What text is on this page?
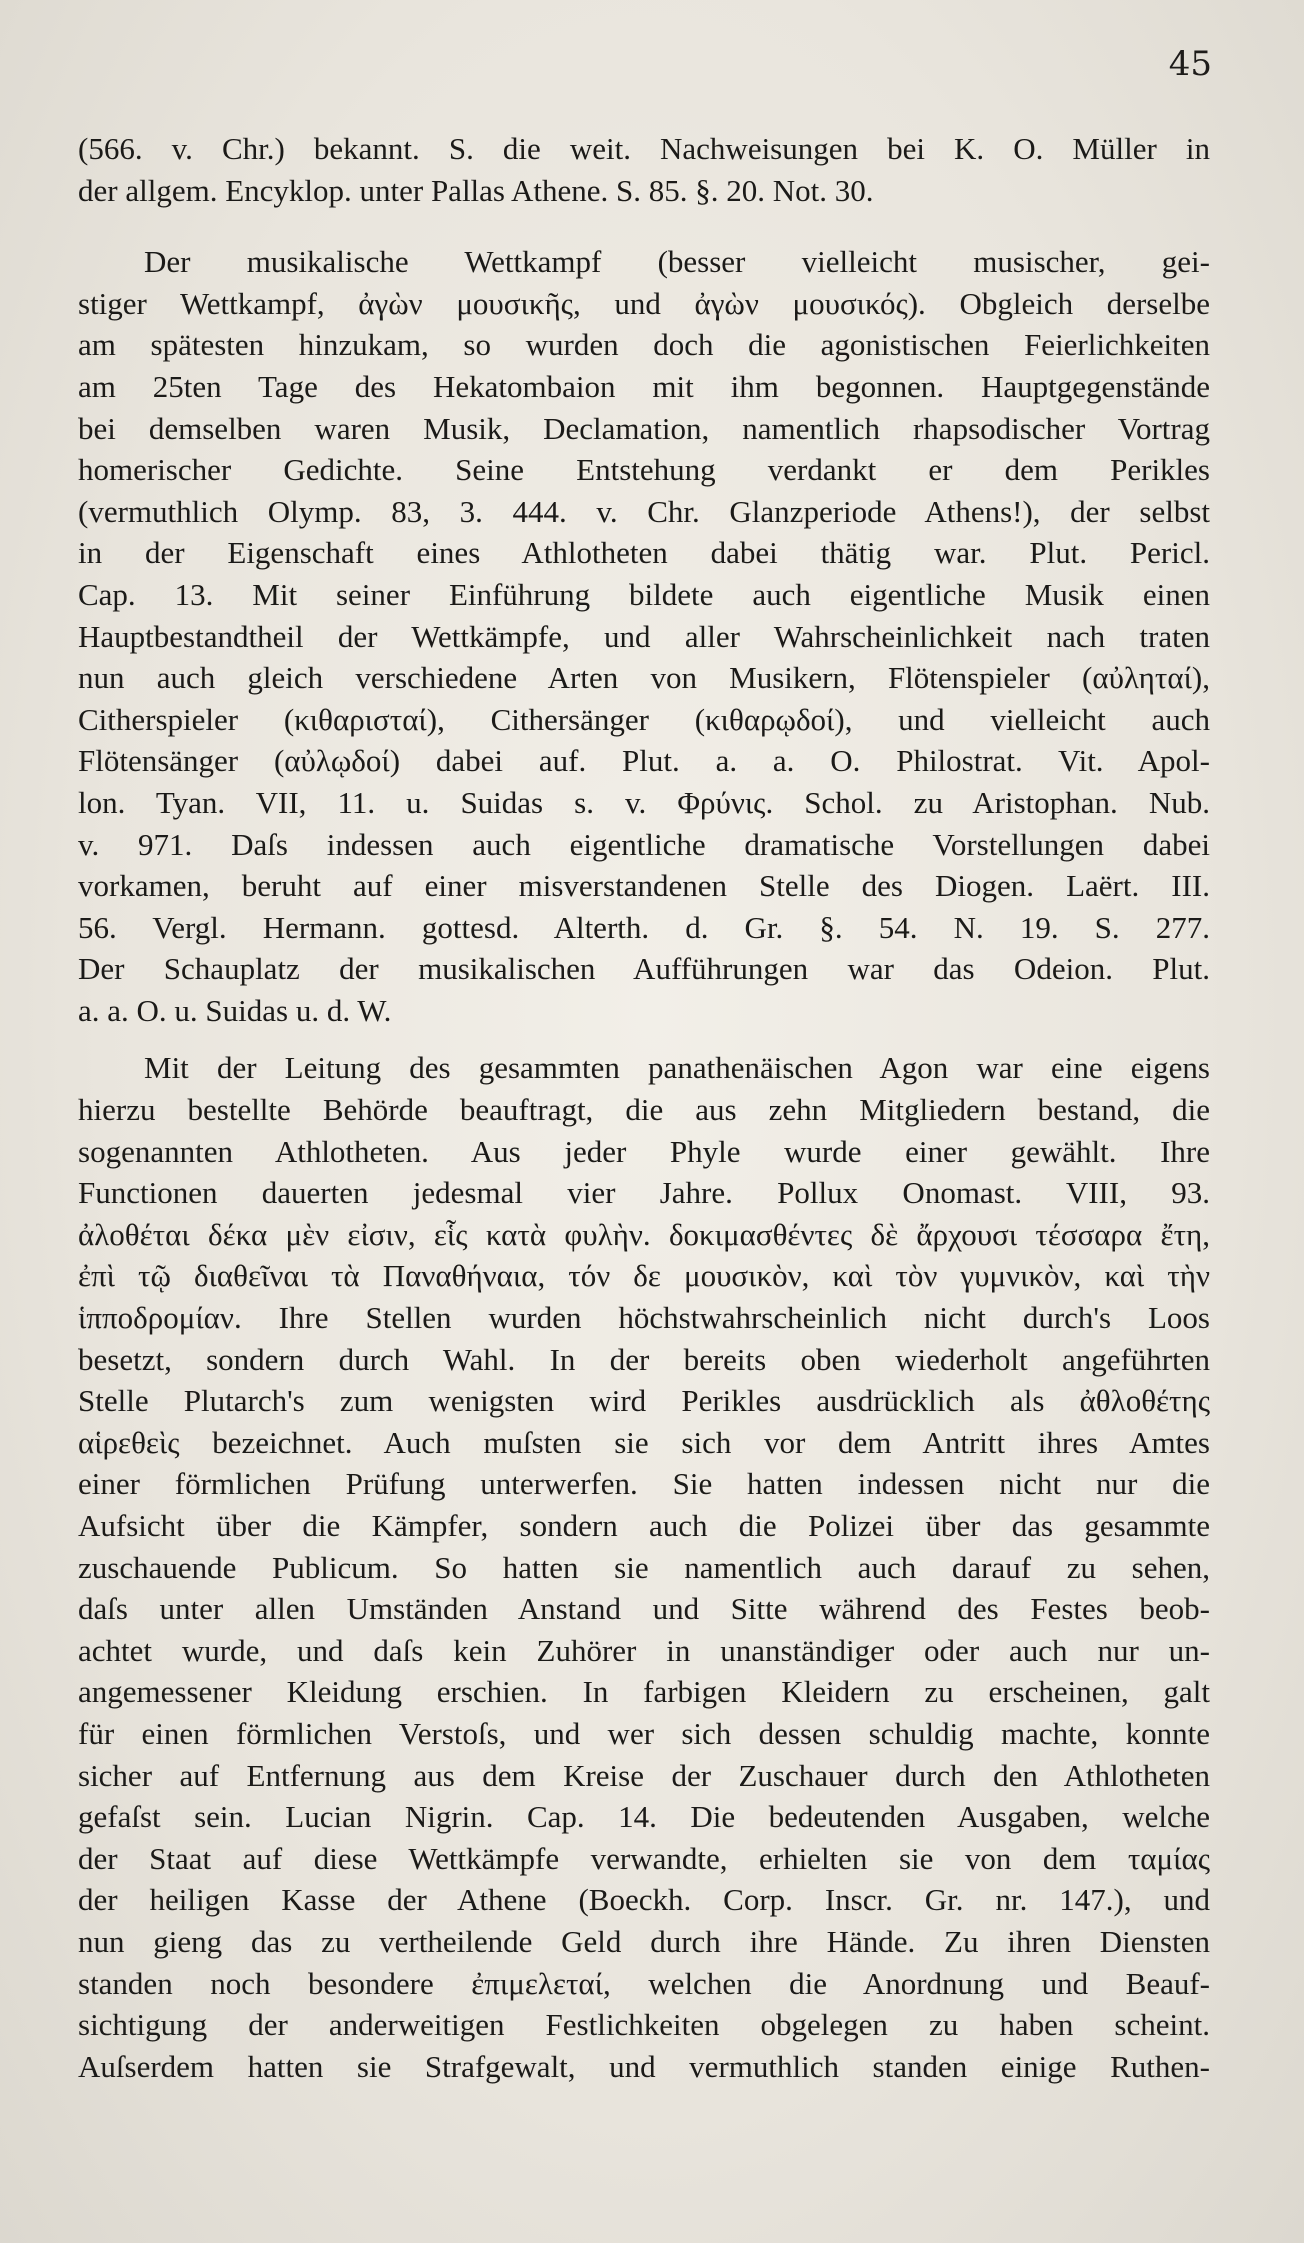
45
(566. v. Chr.) bekannt. S. die weit. Nachweisungen bei K. O. Müller in
der allgem. Encyklop. unter Pallas Athene. S. 85. §. 20. Not. 30.
Der musikalische Wettkampf (besser vielleicht musischer, gei-
stiger Wettkampf, ἀγὼν μουσικῆς, und ἀγὼν μουσικός). Obgleich derselbe
am spätesten hinzukam, so wurden doch die agonistischen Feierlichkeiten
am 25ten Tage des Hekatombaion mit ihm begonnen. Hauptgegenstände
bei demselben waren Musik, Declamation, namentlich rhapsodischer Vortrag
homerischer Gedichte. Seine Entstehung verdankt er dem Perikles
(vermuthlich Olymp. 83, 3. 444. v. Chr. Glanzperiode Athens!), der selbst
in der Eigenschaft eines Athlotheten dabei thätig war. Plut. Pericl.
Cap. 13. Mit seiner Einführung bildete auch eigentliche Musik einen
Hauptbestandtheil der Wettkämpfe, und aller Wahrscheinlichkeit nach traten
nun auch gleich verschiedene Arten von Musikern, Flötenspieler (αὐληταί),
Citherspieler (κιθαρισταί), Cithersänger (κιθαρῳδοί), und vielleicht auch
Flötensänger (αὐλῳδοί) dabei auf. Plut. a. a. O. Philostrat. Vit. Apol-
lon. Tyan. VII, 11. u. Suidas s. v. Φρύνις. Schol. zu Aristophan. Nub.
v. 971. Daſs indessen auch eigentliche dramatische Vorstellungen dabei
vorkamen, beruht auf einer misverstandenen Stelle des Diogen. Laërt. III.
56. Vergl. Hermann. gottesd. Alterth. d. Gr. §. 54. N. 19. S. 277.
Der Schauplatz der musikalischen Aufführungen war das Odeion. Plut.
a. a. O. u. Suidas u. d. W.
Mit der Leitung des gesammten panathenäischen Agon war eine eigens
hierzu bestellte Behörde beauftragt, die aus zehn Mitgliedern bestand, die
sogenannten Athlotheten. Aus jeder Phyle wurde einer gewählt. Ihre
Functionen dauerten jedesmal vier Jahre. Pollux Onomast. VIII, 93.
ἀλοθέται δέκα μὲν εἰσιν, εἷς κατὰ φυλὴν. δοκιμασθέντες δὲ ἄρχουσι τέσσαρα ἔτη,
ἐπὶ τῷ διαθεῖναι τὰ Παναθήναια, τόν δε μουσικὸν, καὶ τὸν γυμνικὸν, καὶ τὴν
ἱπποδρομίαν. Ihre Stellen wurden höchstwahrscheinlich nicht durch's Loos
besetzt, sondern durch Wahl. In der bereits oben wiederholt angeführten
Stelle Plutarch's zum wenigsten wird Perikles ausdrücklich als ἀθλοθέτης
αἱρεθεὶς bezeichnet. Auch muſsten sie sich vor dem Antritt ihres Amtes
einer förmlichen Prüfung unterwerfen. Sie hatten indessen nicht nur die
Aufsicht über die Kämpfer, sondern auch die Polizei über das gesammte
zuschauende Publicum. So hatten sie namentlich auch darauf zu sehen,
daſs unter allen Umständen Anstand und Sitte während des Festes beob-
achtet wurde, und daſs kein Zuhörer in unanständiger oder auch nur un-
angemessener Kleidung erschien. In farbigen Kleidern zu erscheinen, galt
für einen förmlichen Verstoſs, und wer sich dessen schuldig machte, konnte
sicher auf Entfernung aus dem Kreise der Zuschauer durch den Athlotheten
gefaſst sein. Lucian Nigrin. Cap. 14. Die bedeutenden Ausgaben, welche
der Staat auf diese Wettkämpfe verwandte, erhielten sie von dem ταμίας
der heiligen Kasse der Athene (Boeckh. Corp. Inscr. Gr. nr. 147.), und
nun gieng das zu vertheilende Geld durch ihre Hände. Zu ihren Diensten
standen noch besondere ἐπιμελεταί, welchen die Anordnung und Beauf-
sichtigung der anderweitigen Festlichkeiten obgelegen zu haben scheint.
Auſserdem hatten sie Strafgewalt, und vermuthlich standen einige Ruthen-
